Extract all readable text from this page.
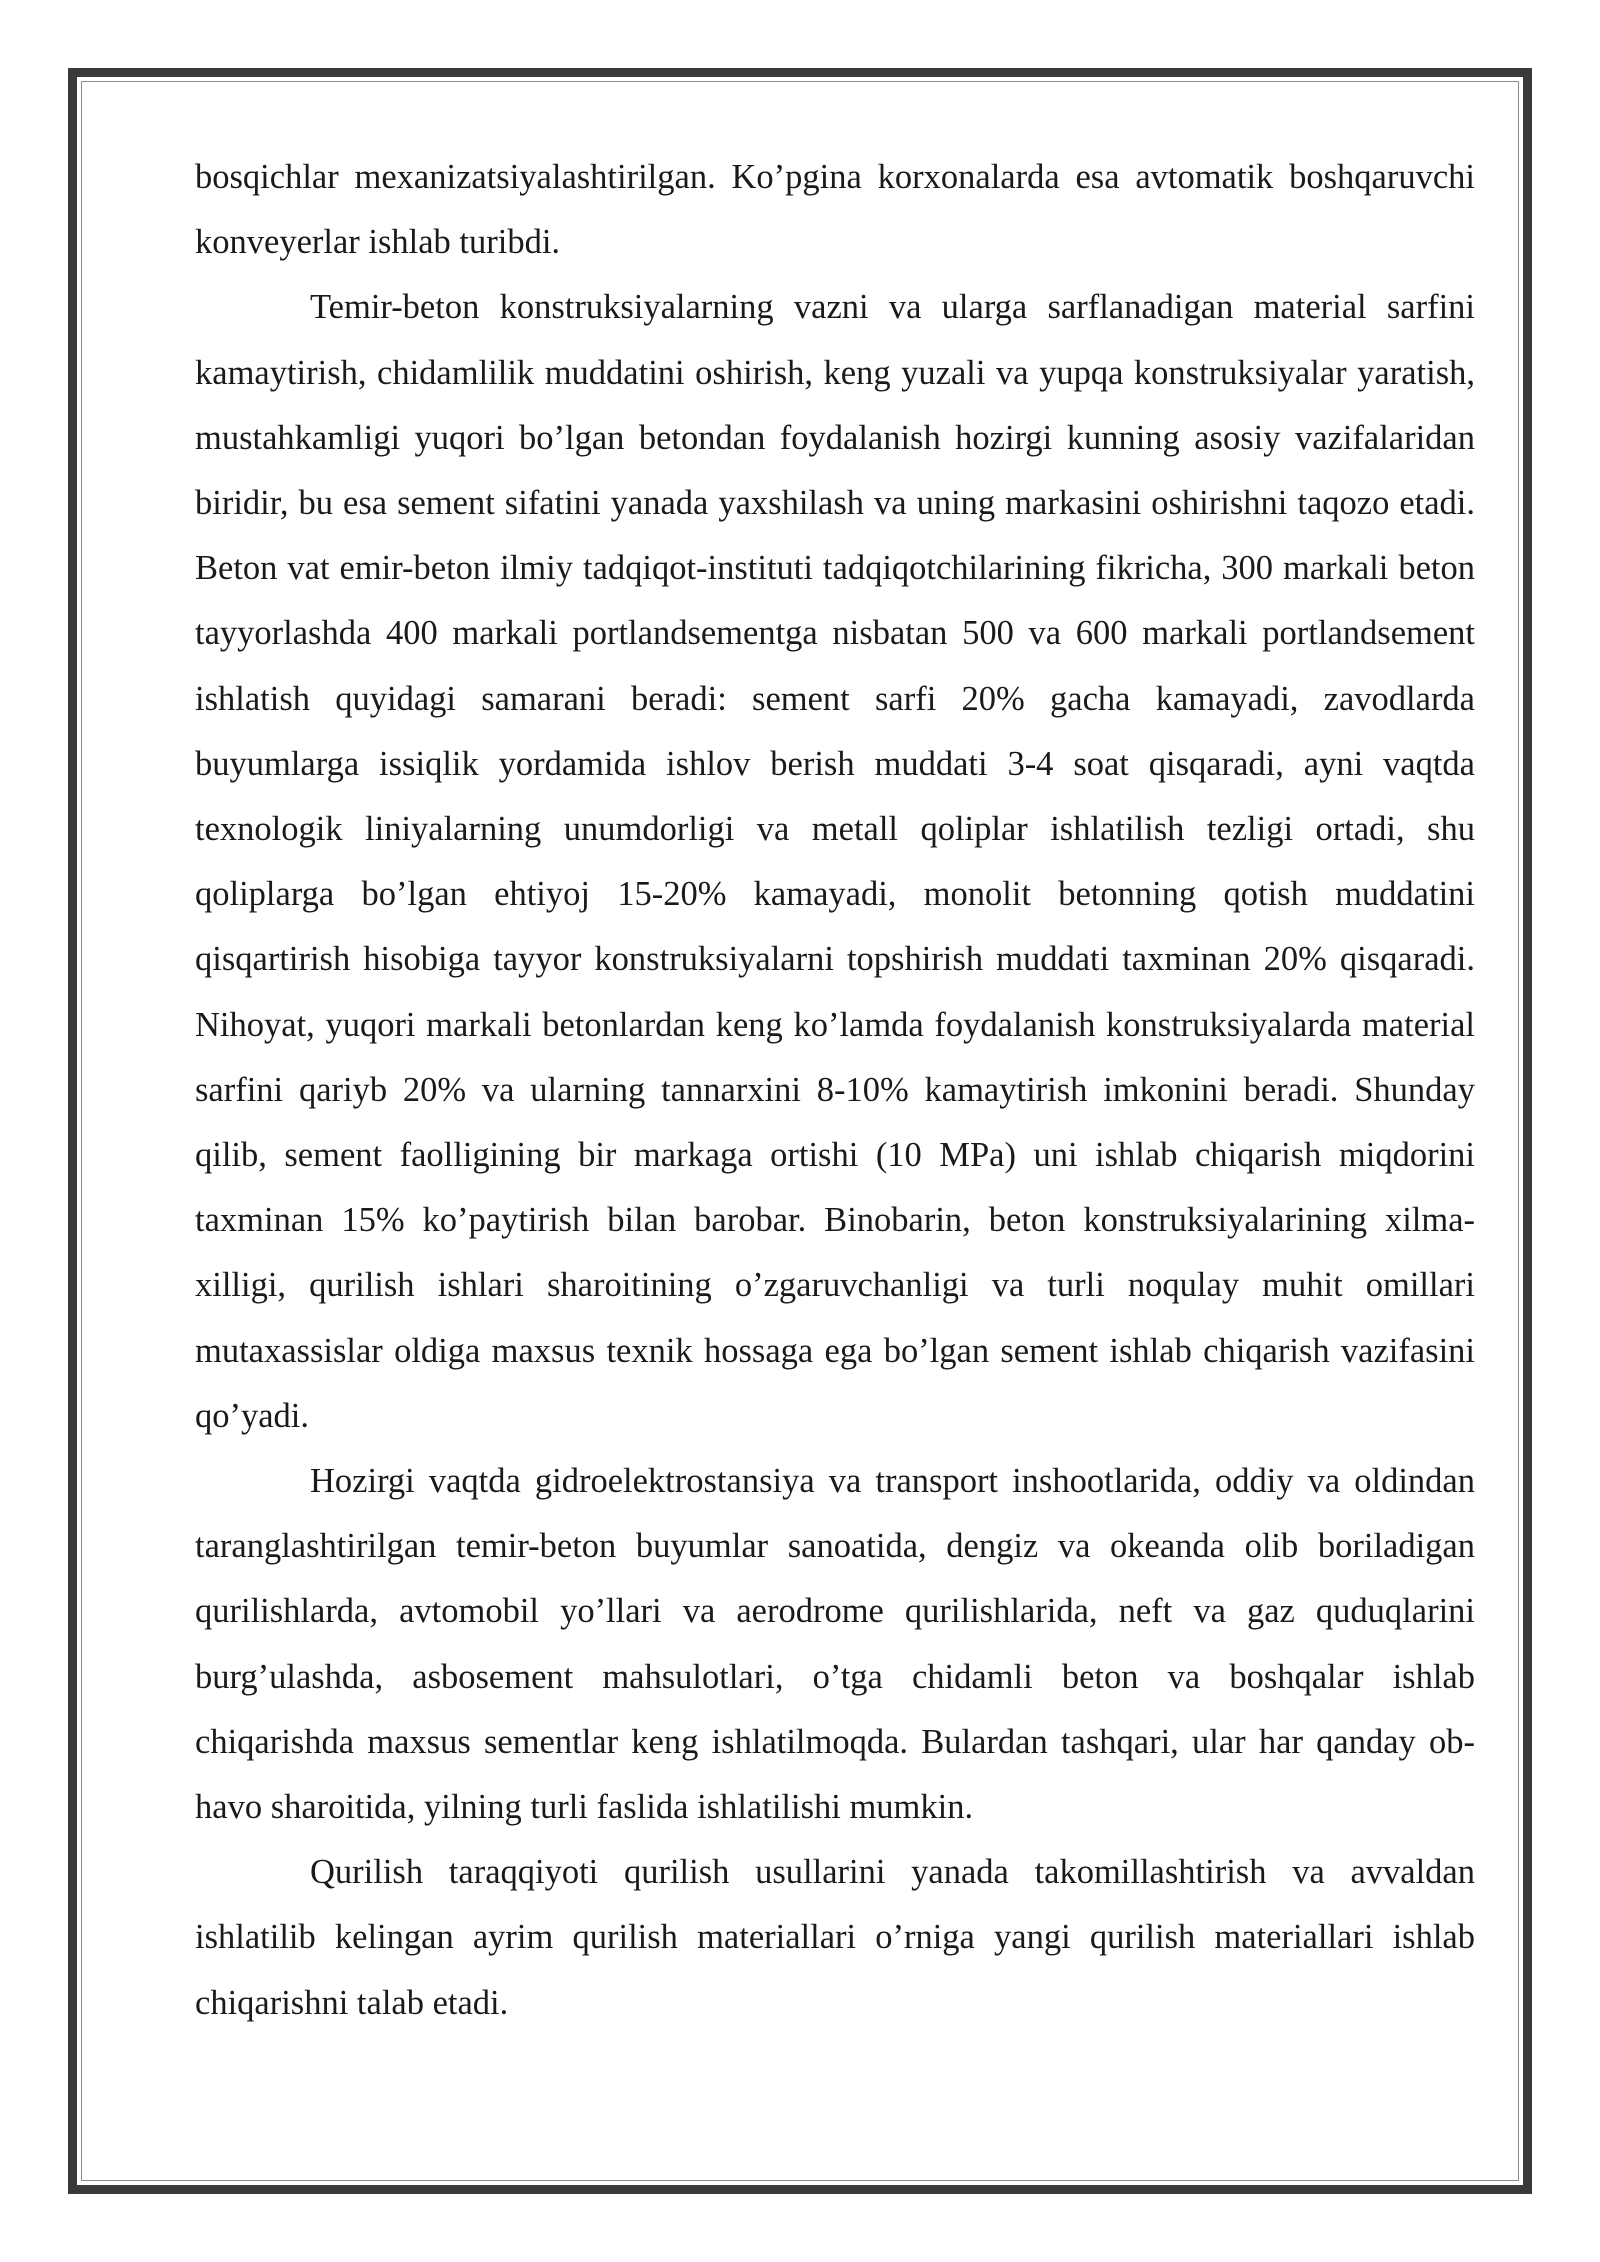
bosqichlar mexanizatsiyalashtirilgan. Ko’pgina korxonalarda esa avtomatik boshqaruvchi konveyerlar ishlab turibdi.

Temir-beton konstruksiyalarning vazni va ularga sarflanadigan material sarfini kamaytirish, chidamlilik muddatini oshirish, keng yuzali va yupqa konstruksiyalar yaratish, mustahkamligi yuqori bo’lgan betondan foydalanish hozirgi kunning asosiy vazifalaridan biridir, bu esa sement sifatini yanada yaxshilash va uning markasini oshirishni taqozo etadi. Beton vat emir-beton ilmiy tadqiqot-instituti tadqiqotchilarining fikricha, 300 markali beton tayyorlashda 400 markali portlandsementga nisbatan 500 va 600 markali portlandsement ishlatish quyidagi samarani beradi: sement sarfi 20% gacha kamayadi, zavodlarda buyumlarga issiqlik yordamida ishlov berish muddati 3-4 soat qisqaradi, ayni vaqtda texnologik liniyalarning unumdorligi va metall qoliplar ishlatilish tezligi ortadi, shu qoliplarga bo’lgan ehtiyoj 15-20% kamayadi, monolit betonning qotish muddatini qisqartirish hisobiga tayyor konstruksiyalarni topshirish muddati taxminan 20% qisqaradi. Nihoyat, yuqori markali betonlardan keng ko’lamda foydalanish konstruksiyalarda material sarfini qariyb 20% va ularning tannarxini 8-10% kamaytirish imkonini beradi. Shunday qilib, sement faolligining bir markaga ortishi (10 MPa) uni ishlab chiqarish miqdorini taxminan 15% ko’paytirish bilan barobar. Binobarin, beton konstruksiyalarining xilma-xilligi, qurilish ishlari sharoitining o’zgaruvchanligi va turli noqulay muhit omillari mutaxassislar oldiga maxsus texnik hossaga ega bo’lgan sement ishlab chiqarish vazifasini qo’yadi.

Hozirgi vaqtda gidroelektrostansiya va transport inshootlarida, oddiy va oldindan taranglashtirilgan temir-beton buyumlar sanoatida, dengiz va okeanda olib boriladigan qurilishlarda, avtomobil yo’llari va aerodrome qurilishlarida, neft va gaz quduqlarini burg’ulashda, asbosement mahsulotlari, o’tga chidamli beton va boshqalar ishlab chiqarishda maxsus sementlar keng ishlatilmoqda. Bulardan tashqari, ular har qanday ob-havo sharoitida, yilning turli faslida ishlatilishi mumkin.

Qurilish taraqqiyoti qurilish usullarini yanada takomillashtirish va avvaldan ishlatilib kelingan ayrim qurilish materiallari o’rniga yangi qurilish materiallari ishlab chiqarishni talab etadi.
